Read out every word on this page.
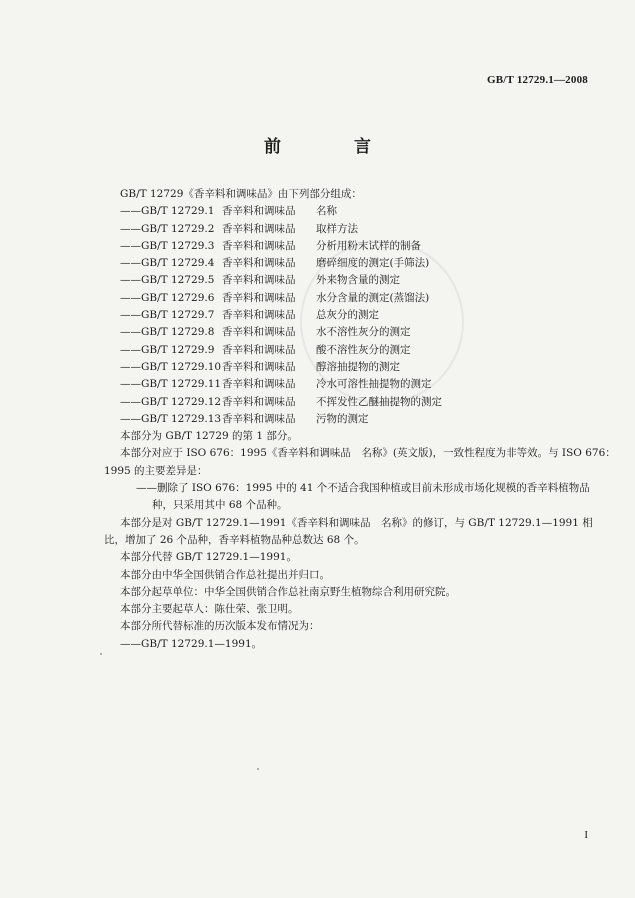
GB/T 12729.1—2008
前　言
GB/T 12729《香辛料和调味品》由下列部分组成：
——GB/T 12729.1 香辛料和调味品 名称
——GB/T 12729.2 香辛料和调味品 取样方法
——GB/T 12729.3 香辛料和调味品 分析用粉末试样的制备
——GB/T 12729.4 香辛料和调味品 磨碎细度的测定(手筛法)
——GB/T 12729.5 香辛料和调味品 外来物含量的测定
——GB/T 12729.6 香辛料和调味品 水分含量的测定(蒸馏法)
——GB/T 12729.7 香辛料和调味品 总灰分的测定
——GB/T 12729.8 香辛料和调味品 水不溶性灰分的测定
——GB/T 12729.9 香辛料和调味品 酸不溶性灰分的测定
——GB/T 12729.10香辛料和调味品 醇溶抽提物的测定
——GB/T 12729.11香辛料和调味品 冷水可溶性抽提物的测定
——GB/T 12729.12香辛料和调味品 不挥发性乙醚抽提物的测定
——GB/T 12729.13香辛料和调味品 污物的测定
本部分为 GB/T 12729 的第 1 部分。
本部分对应于 ISO 676：1995《香辛料和调味品　名称》(英文版)，一致性程度为非等效。与 ISO 676：
1995 的主要差异是：
——删除了 ISO 676：1995 中的 41 个不适合我国种植或目前未形成市场化规模的香辛料植物品
种，只采用其中 68 个品种。
本部分是对 GB/T 12729.1—1991《香辛料和调味品　名称》的修订，与 GB/T 12729.1—1991 相
比，增加了 26 个品种，香辛料植物品种总数达 68 个。
本部分代替 GB/T 12729.1—1991。
本部分由中华全国供销合作总社提出并归口。
本部分起草单位：中华全国供销合作总社南京野生植物综合利用研究院。
本部分主要起草人：陈仕荣、张卫明。
本部分所代替标准的历次版本发布情况为：
——GB/T 12729.1—1991。
I
